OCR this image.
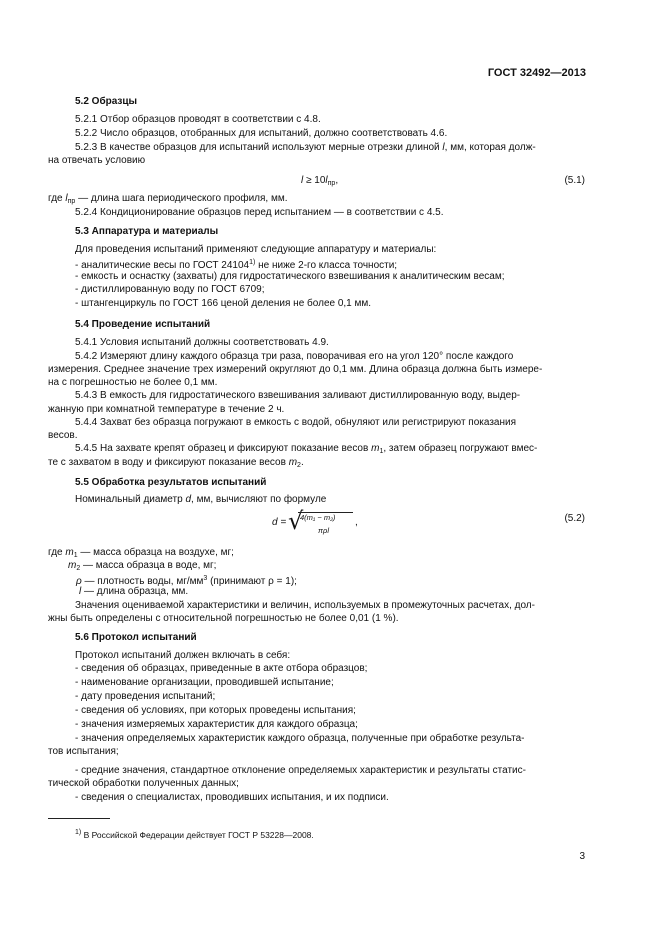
ГОСТ 32492—2013
5.2 Образцы
5.2.1 Отбор образцов проводят в соответствии с 4.8.
5.2.2 Число образцов, отобранных для испытаний, должно соответствовать 4.6.
5.2.3 В качестве образцов для испытаний используют мерные отрезки длиной l, мм, которая долж-
на отвечать условию
$l \ge 10l_{пр}$,	(5.1)
где $l_{пр}$ — длина шага периодического профиля, мм.
5.2.4 Кондиционирование образцов перед испытанием — в соответствии с 4.5.
5.3 Аппаратура и материалы
Для проведения испытаний применяют следующие аппаратуру и материалы:
- аналитические весы по ГОСТ 24104$^{1)}$ не ниже 2-го класса точности;
- емкость и оснастку (захваты) для гидростатического взвешивания к аналитическим весам;
- дистиллированную воду по ГОСТ 6709;
- штангенциркуль по ГОСТ 166 ценой деления не более 0,1 мм.
5.4 Проведение испытаний
5.4.1 Условия испытаний должны соответствовать 4.9.
5.4.2 Измеряют длину каждого образца три раза, поворачивая его на угол 120° после каждого
измерения. Среднее значение трех измерений округляют до 0,1 мм. Длина образца должна быть измере-
на с погрешностью не более 0,1 мм.
5.4.3 В емкость для гидростатического взвешивания заливают дистиллированную воду, выдер-
жанную при комнатной температуре в течение 2 ч.
5.4.4 Захват без образца погружают в емкость с водой, обнуляют или регистрируют показания
весов.
5.4.5 На захвате крепят образец и фиксируют показание весов $m_1$, затем образец погружают вмес-
те с захватом в воду и фиксируют показание весов $m_2$.
5.5 Обработка результатов испытаний
Номинальный диаметр d, мм, вычисляют по формуле
d = √
4(m₁ − m₂)
πρl
,	(5.2)
где $m_1$ — масса образца на воздухе, мг;
$m_2$ — масса образца в воде, мг;
ρ — плотность воды, $мг/мм^3$ (принимают ρ = 1);
l — длина образца, мм.
Значения оцениваемой характеристики и величин, используемых в промежуточных расчетах, дол-
жны быть определены с относительной погрешностью не более 0,01 (1 %).
5.6 Протокол испытаний
Протокол испытаний должен включать в себя:
- сведения об образцах, приведенные в акте отбора образцов;
- наименование организации, проводившей испытание;
- дату проведения испытаний;
- сведения об условиях, при которых проведены испытания;
- значения измеряемых характеристик для каждого образца;
- значения определяемых характеристик каждого образца, полученные при обработке результа-
тов испытания;
- средние значения, стандартное отклонение определяемых характеристик и результаты статис-
тической обработки полученных данных;
- сведения о специалистах, проводивших испытания, и их подписи.
$^{1)}$ В Российской Федерации действует ГОСТ Р 53228—2008.
3
